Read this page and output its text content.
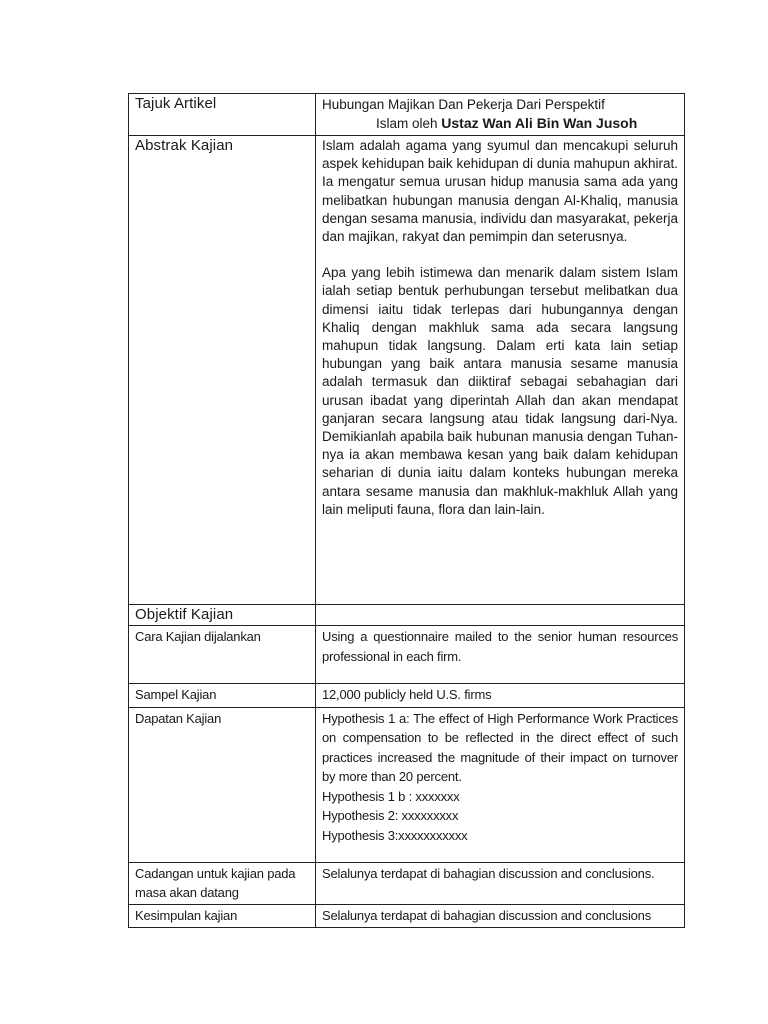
Tajuk Artikel	Hubungan Majikan Dan Pekerja Dari Perspektif
Islam oleh Ustaz Wan Ali Bin Wan Jusoh

Abstrak Kajian	Islam adalah agama yang syumul dan mencakupi seluruh aspek kehidupan baik kehidupan di dunia mahupun akhirat. Ia mengatur semua urusan hidup manusia sama ada yang melibatkan hubungan manusia dengan Al-Khaliq, manusia dengan sesama manusia, individu dan masyarakat, pekerja dan majikan, rakyat dan pemimpin dan seterusnya.

Apa yang lebih istimewa dan menarik dalam sistem Islam ialah setiap bentuk perhubungan tersebut melibatkan dua dimensi iaitu tidak terlepas dari hubungannya dengan Khaliq dengan makhluk sama ada secara langsung mahupun tidak langsung. Dalam erti kata lain setiap hubungan yang baik antara manusia sesame manusia adalah termasuk dan diiktiraf sebagai sebahagian dari urusan ibadat yang diperintah Allah dan akan mendapat ganjaran secara langsung atau tidak langsung dari-Nya. Demikianlah apabila baik hubunan manusia dengan Tuhan-nya ia akan membawa kesan yang baik dalam kehidupan seharian di dunia iaitu dalam konteks hubungan mereka antara sesame manusia dan makhluk-makhluk Allah yang lain meliputi fauna, flora dan lain-lain.

Objektif Kajian	
Cara Kajian dijalankan	Using a questionnaire mailed to the senior human resources professional in each firm.

Sampel Kajian	12,000 publicly held U.S. firms
Dapatan Kajian	Hypothesis 1 a: The effect of High Performance Work Practices on compensation to be reflected in the direct effect of such practices increased the magnitude of their impact on turnover by more than 20 percent.

Hypothesis 1 b : xxxxxxx
Hypothesis 2: xxxxxxxxx
Hypothesis 3:xxxxxxxxxxx

Cadangan untuk kajian pada masa akan datang	Selalunya terdapat di bahagian discussion and conclusions.
Kesimpulan kajian	Selalunya terdapat di bahagian discussion and conclusions
